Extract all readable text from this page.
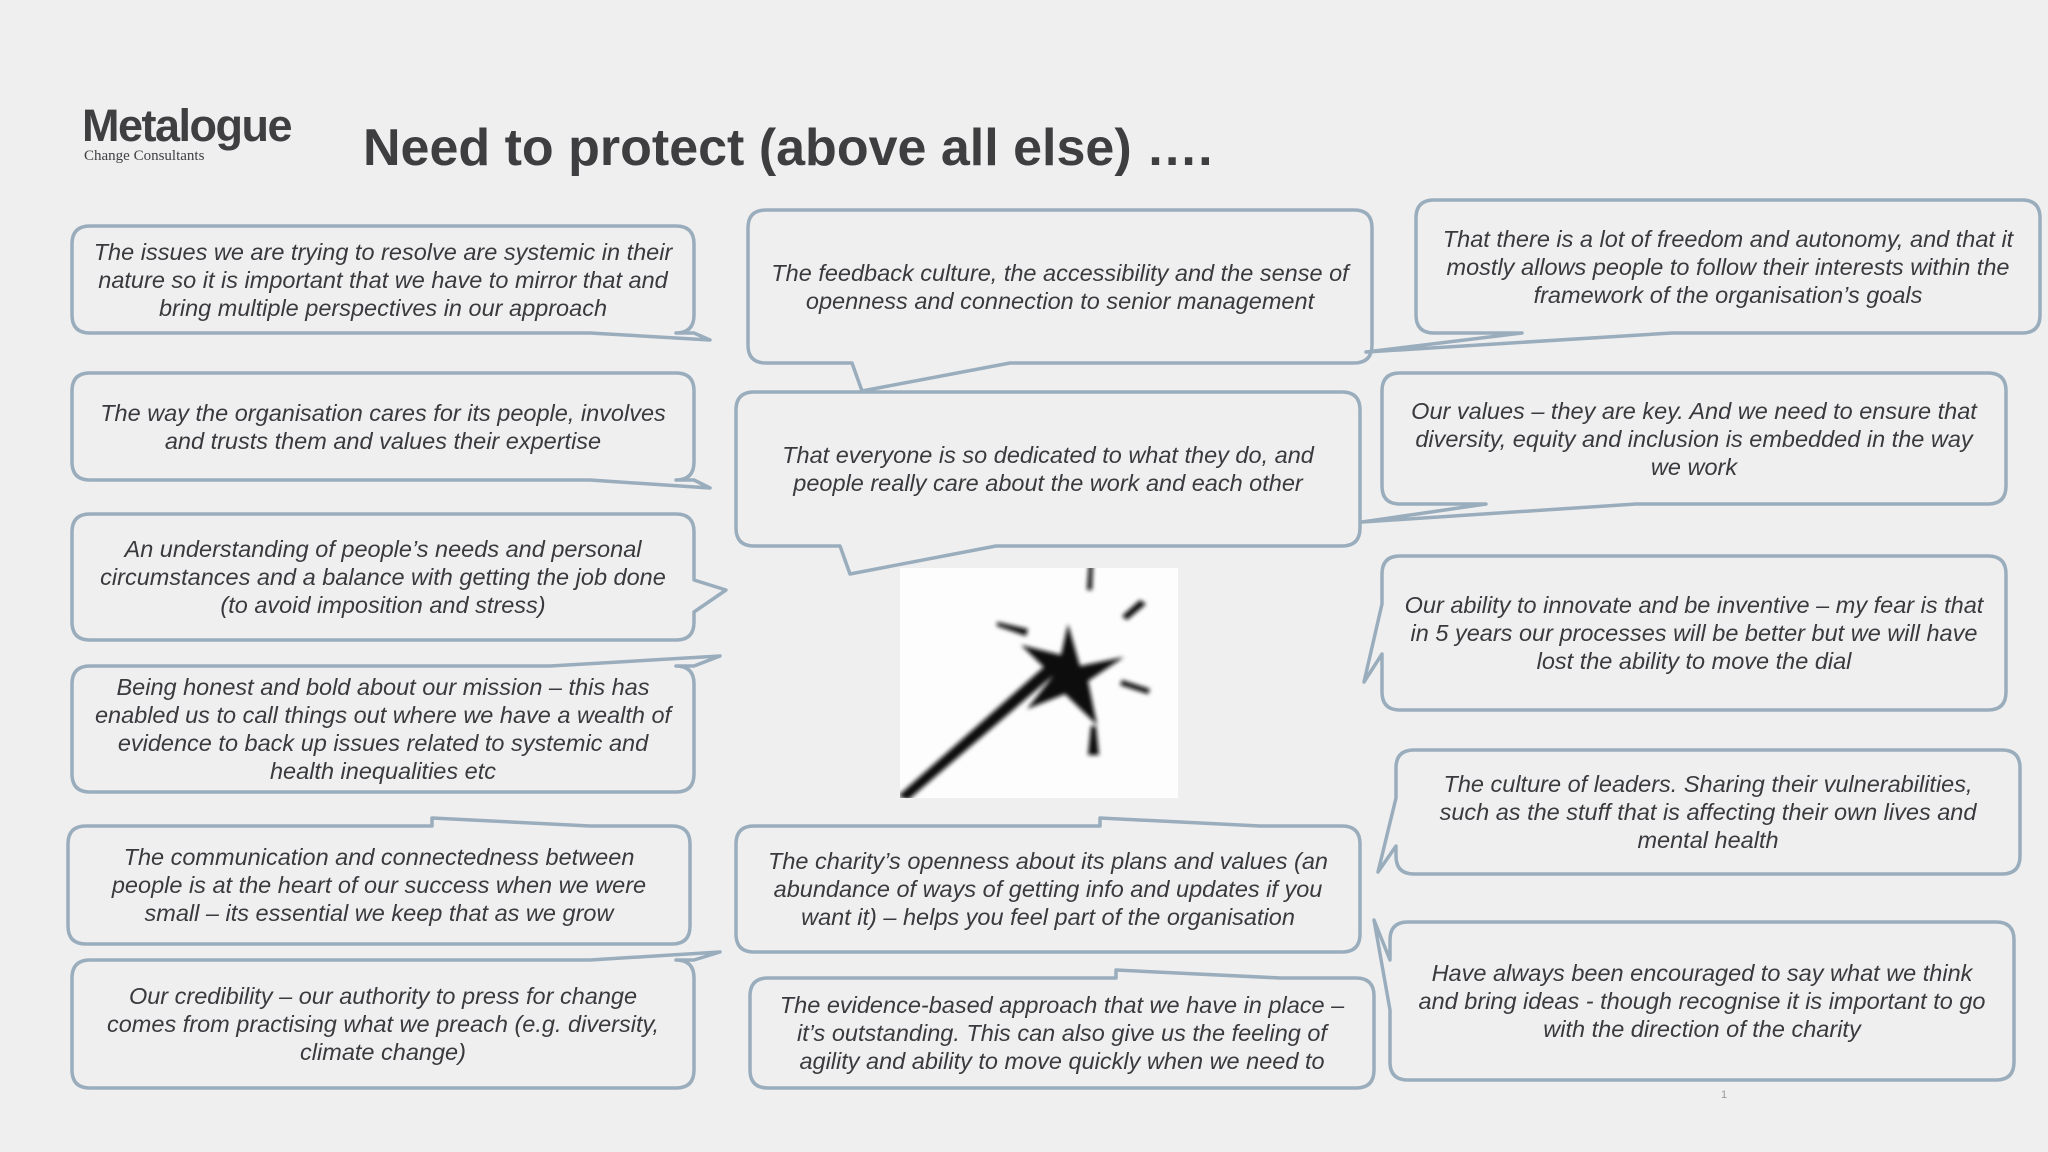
Metalogue
Change Consultants	Need to protect (above all else) ….
The issues we are trying to resolve are systemic in their nature so it is important that we have to mirror that and bring multiple perspectives in our approach
The feedback culture, the accessibility and the sense of openness and connection to senior management
That there is a lot of freedom and autonomy, and that it mostly allows people to follow their interests within the framework of the organisation’s goals
The way the organisation cares for its people, involves and trusts them and values their expertise
That everyone is so dedicated to what they do, and people really care about the work and each other
Our values – they are key. And we need to ensure that diversity, equity and inclusion is embedded in the way we work
An understanding of people’s needs and personal circumstances and a balance with getting the job done (to avoid imposition and stress)	Our ability to innovate and be inventive – my fear is that in 5 years our processes will be better but we will have lost the ability to move the dial
Being honest and bold about our mission – this has enabled us to call things out where we have a wealth of evidence to back up issues related to systemic and health inequalities etc	The culture of leaders. Sharing their vulnerabilities, such as the stuff that is affecting their own lives and mental health
The communication and connectedness between people is at the heart of our success when we were small – its essential we keep that as we grow
The charity’s openness about its plans and values (an abundance of ways of getting info and updates if you want it) – helps you feel part of the organisation
Have always been encouraged to say what we think and bring ideas - though recognise it is important to go with the direction of the charity
Our credibility – our authority to press for change comes from practising what we preach (e.g. diversity, climate change)
The evidence-based approach that we have in place – it’s outstanding. This can also give us the feeling of agility and ability to move quickly when we need to
1
